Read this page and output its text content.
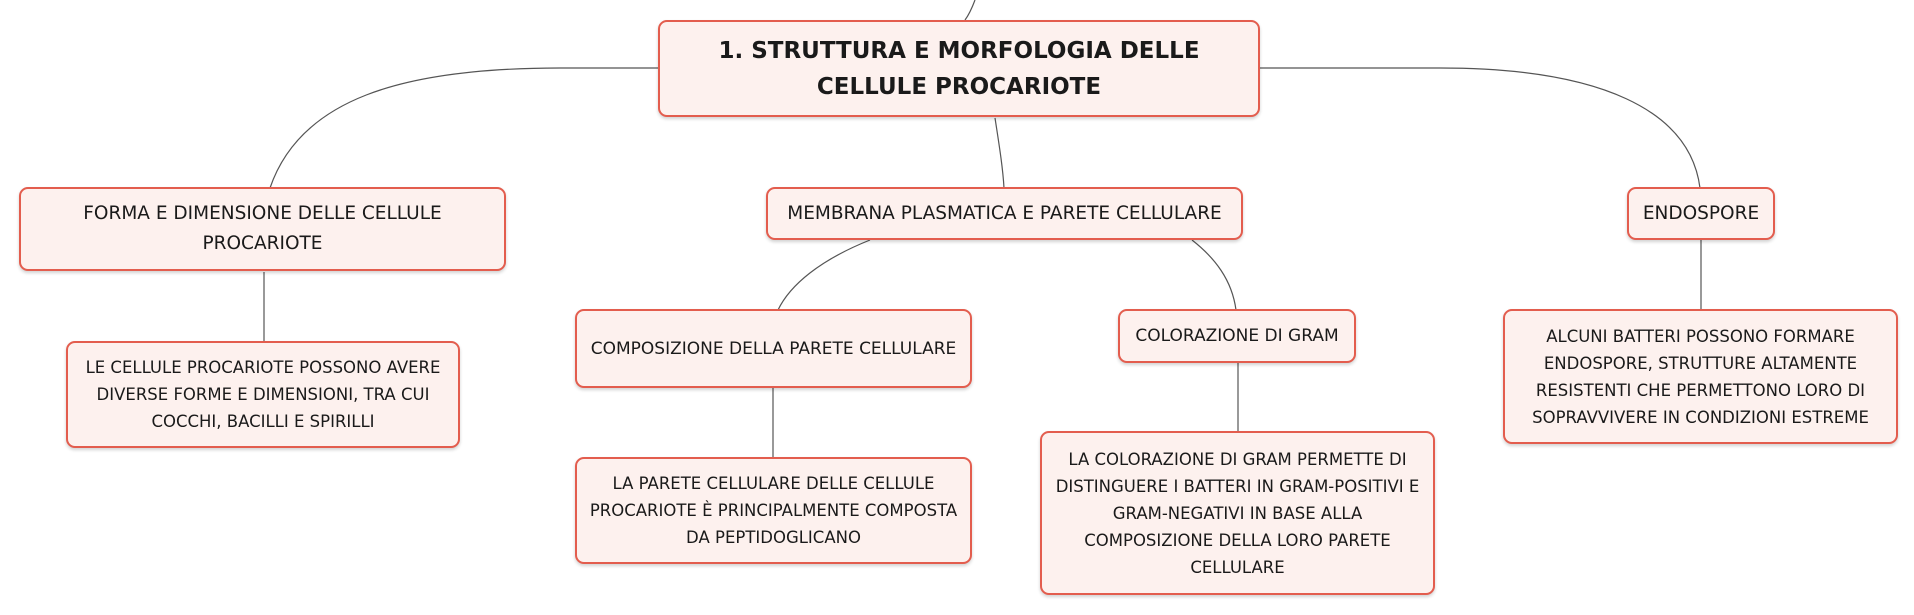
1. STRUTTURA E MORFOLOGIA DELLE CELLULE PROCARIOTE
FORMA E DIMENSIONE DELLE CELLULE PROCARIOTE
LE CELLULE PROCARIOTE POSSONO AVERE DIVERSE FORME E DIMENSIONI, TRA CUI COCCHI, BACILLI E SPIRILLI
MEMBRANA PLASMATICA E PARETE CELLULARE
COMPOSIZIONE DELLA PARETE CELLULARE
LA PARETE CELLULARE DELLE CELLULE PROCARIOTE È PRINCIPALMENTE COMPOSTA DA PEPTIDOGLICANO
COLORAZIONE DI GRAM
LA COLORAZIONE DI GRAM PERMETTE DI DISTINGUERE I BATTERI IN GRAM-POSITIVI E GRAM-NEGATIVI IN BASE ALLA COMPOSIZIONE DELLA LORO PARETE CELLULARE
ENDOSPORE
ALCUNI BATTERI POSSONO FORMARE ENDOSPORE, STRUTTURE ALTAMENTE RESISTENTI CHE PERMETTONO LORO DI SOPRAVVIVERE IN CONDIZIONI ESTREME
